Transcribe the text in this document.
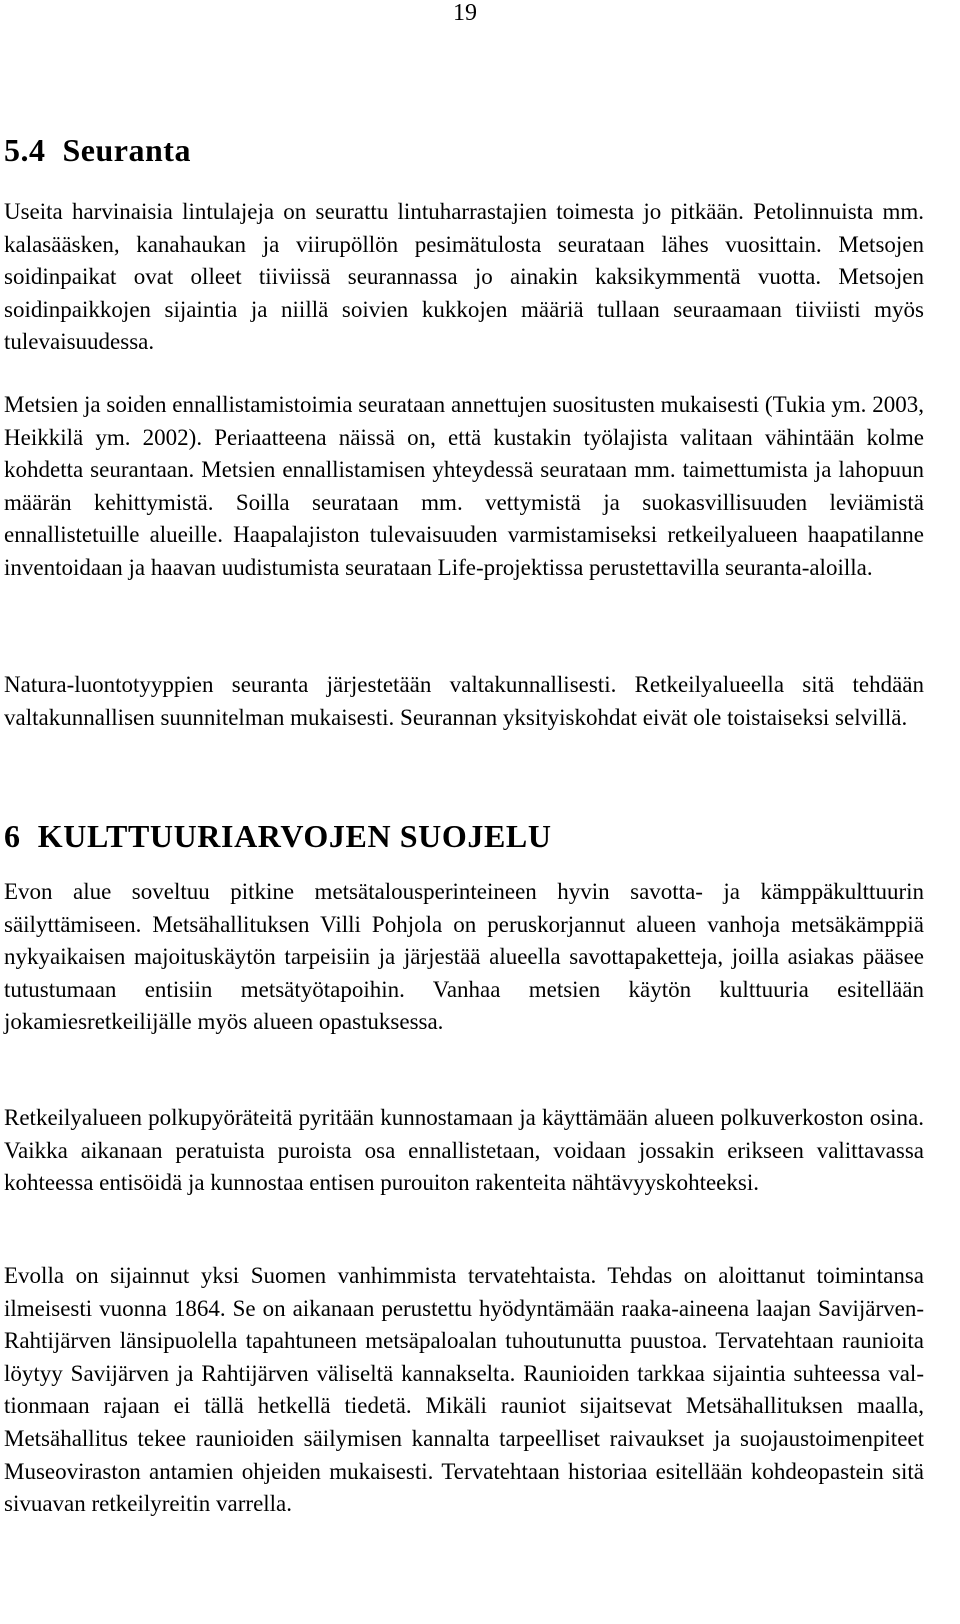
19
5.4  Seuranta

Useita harvinaisia lintulajeja on seurattu lintuharrastajien toimesta jo pitkään. Petolinnuista mm. kalasääsken, kanahaukan ja viirupöllön pesimätulosta seurataan lähes vuosittain. Metsojen soidinpaikat ovat olleet tiiviissä seurannassa jo ainakin kaksikymmentä vuotta. Metsojen soidinpaikkojen sijaintia ja niillä soivien kukkojen määriä tullaan seuraamaan tiiviisti myös tulevaisuudessa.

Metsien ja soiden ennallistamistoimia seurataan annettujen suositusten mukaisesti (Tukia ym. 2003, Heikkilä ym. 2002). Periaatteena näissä on, että kustakin työlajista valitaan vähintään kolme kohdetta seurantaan. Metsien ennallistamisen yhteydessä seurataan mm. taimettumista ja lahopuun määrän kehittymistä. Soilla seurataan mm. vettymistä ja suokasvillisuuden leviämistä ennallistetuille alueille. Haapalajiston tulevaisuuden varmistamiseksi retkeilyalueen haapatilanne inventoidaan ja haavan uudistumista seurataan Life-projektissa perustettavilla seuranta-aloilla.

Natura-luontotyyppien seuranta järjestetään valtakunnallisesti. Retkeilyalueella sitä tehdään valtakunnallisen suunnitelman mukaisesti. Seurannan yksityiskohdat eivät ole toistaiseksi selvillä.

6  KULTTUURIARVOJEN SUOJELU

Evon alue soveltuu pitkine metsätalousperinteineen hyvin savotta- ja kämppäkulttuurin säilyttämiseen. Metsähallituksen Villi Pohjola on peruskorjannut alueen vanhoja metsäkämppiä nykyaikaisen majoituskäytön tarpeisiin ja järjestää alueella savottapaketteja, joilla asiakas pääsee tutustumaan entisiin metsätyötapoihin. Vanhaa metsien käytön kulttuuria esitellään jokamiesretkeilijälle myös alueen opastuksessa.

Retkeilyalueen polkupyöräteitä pyritään kunnostamaan ja käyttämään alueen polkuverkoston osina. Vaikka aikanaan peratuista puroista osa ennallistetaan, voidaan jossakin erikseen valittavassa kohteessa entisöidä ja kunnostaa entisen purouiton rakenteita nähtävyyskohteeksi.

Evolla on sijainnut yksi Suomen vanhimmista tervatehtaista. Tehdas on aloittanut toimintansa ilmeisesti vuonna 1864. Se on aikanaan perustettu hyödyntämään raaka-aineena laajan Savijärven-Rahtijärven länsipuolella tapahtuneen metsäpaloalan tuhoutunutta puustoa. Tervatehtaan raunioita löytyy Savijärven ja Rahtijärven väliseltä kannakselta. Raunioiden tarkkaa sijaintia suhteessa valtionmaan rajaan ei tällä hetkellä tiedetä. Mikäli rauniot sijaitsevat Metsähallituksen maalla, Metsähallitus tekee raunioiden säilymisen kannalta tarpeelliset raivaukset ja suojaustoimenpiteet Museoviraston antamien ohjeiden mukaisesti. Tervatehtaan historiaa esitellään kohdeopastein sitä sivuavan retkeilyreitin varrella.
